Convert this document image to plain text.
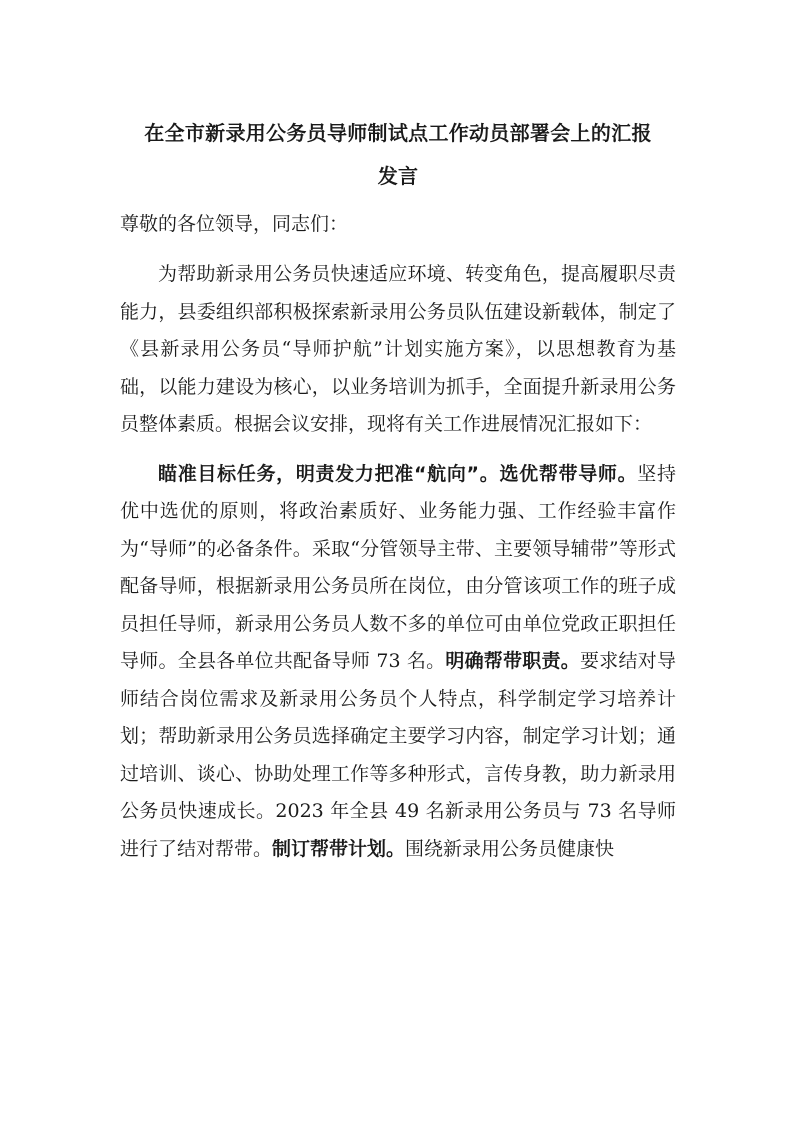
在全市新录用公务员导师制试点工作动员部署会上的汇报
发言

尊敬的各位领导，同志们：

为帮助新录用公务员快速适应环境、转变角色，提高履职尽责能力，县委组织部积极探索新录用公务员队伍建设新载体，制定了《县新录用公务员“导师护航”计划实施方案》，以思想教育为基础，以能力建设为核心，以业务培训为抓手，全面提升新录用公务员整体素质。根据会议安排，现将有关工作进展情况汇报如下：

瞄准目标任务，明责发力把准“航向”。选优帮带导师。坚持优中选优的原则，将政治素质好、业务能力强、工作经验丰富作为“导师”的必备条件。采取“分管领导主带、主要领导辅带”等形式配备导师，根据新录用公务员所在岗位，由分管该项工作的班子成员担任导师，新录用公务员人数不多的单位可由单位党政正职担任导师。全县各单位共配备导师 73 名。明确帮带职责。要求结对导师结合岗位需求及新录用公务员个人特点，科学制定学习培养计划；帮助新录用公务员选择确定主要学习内容，制定学习计划；通过培训、谈心、协助处理工作等多种形式，言传身教，助力新录用公务员快速成长。2023 年全县 49 名新录用公务员与 73 名导师进行了结对帮带。制订帮带计划。围绕新录用公务员健康快
